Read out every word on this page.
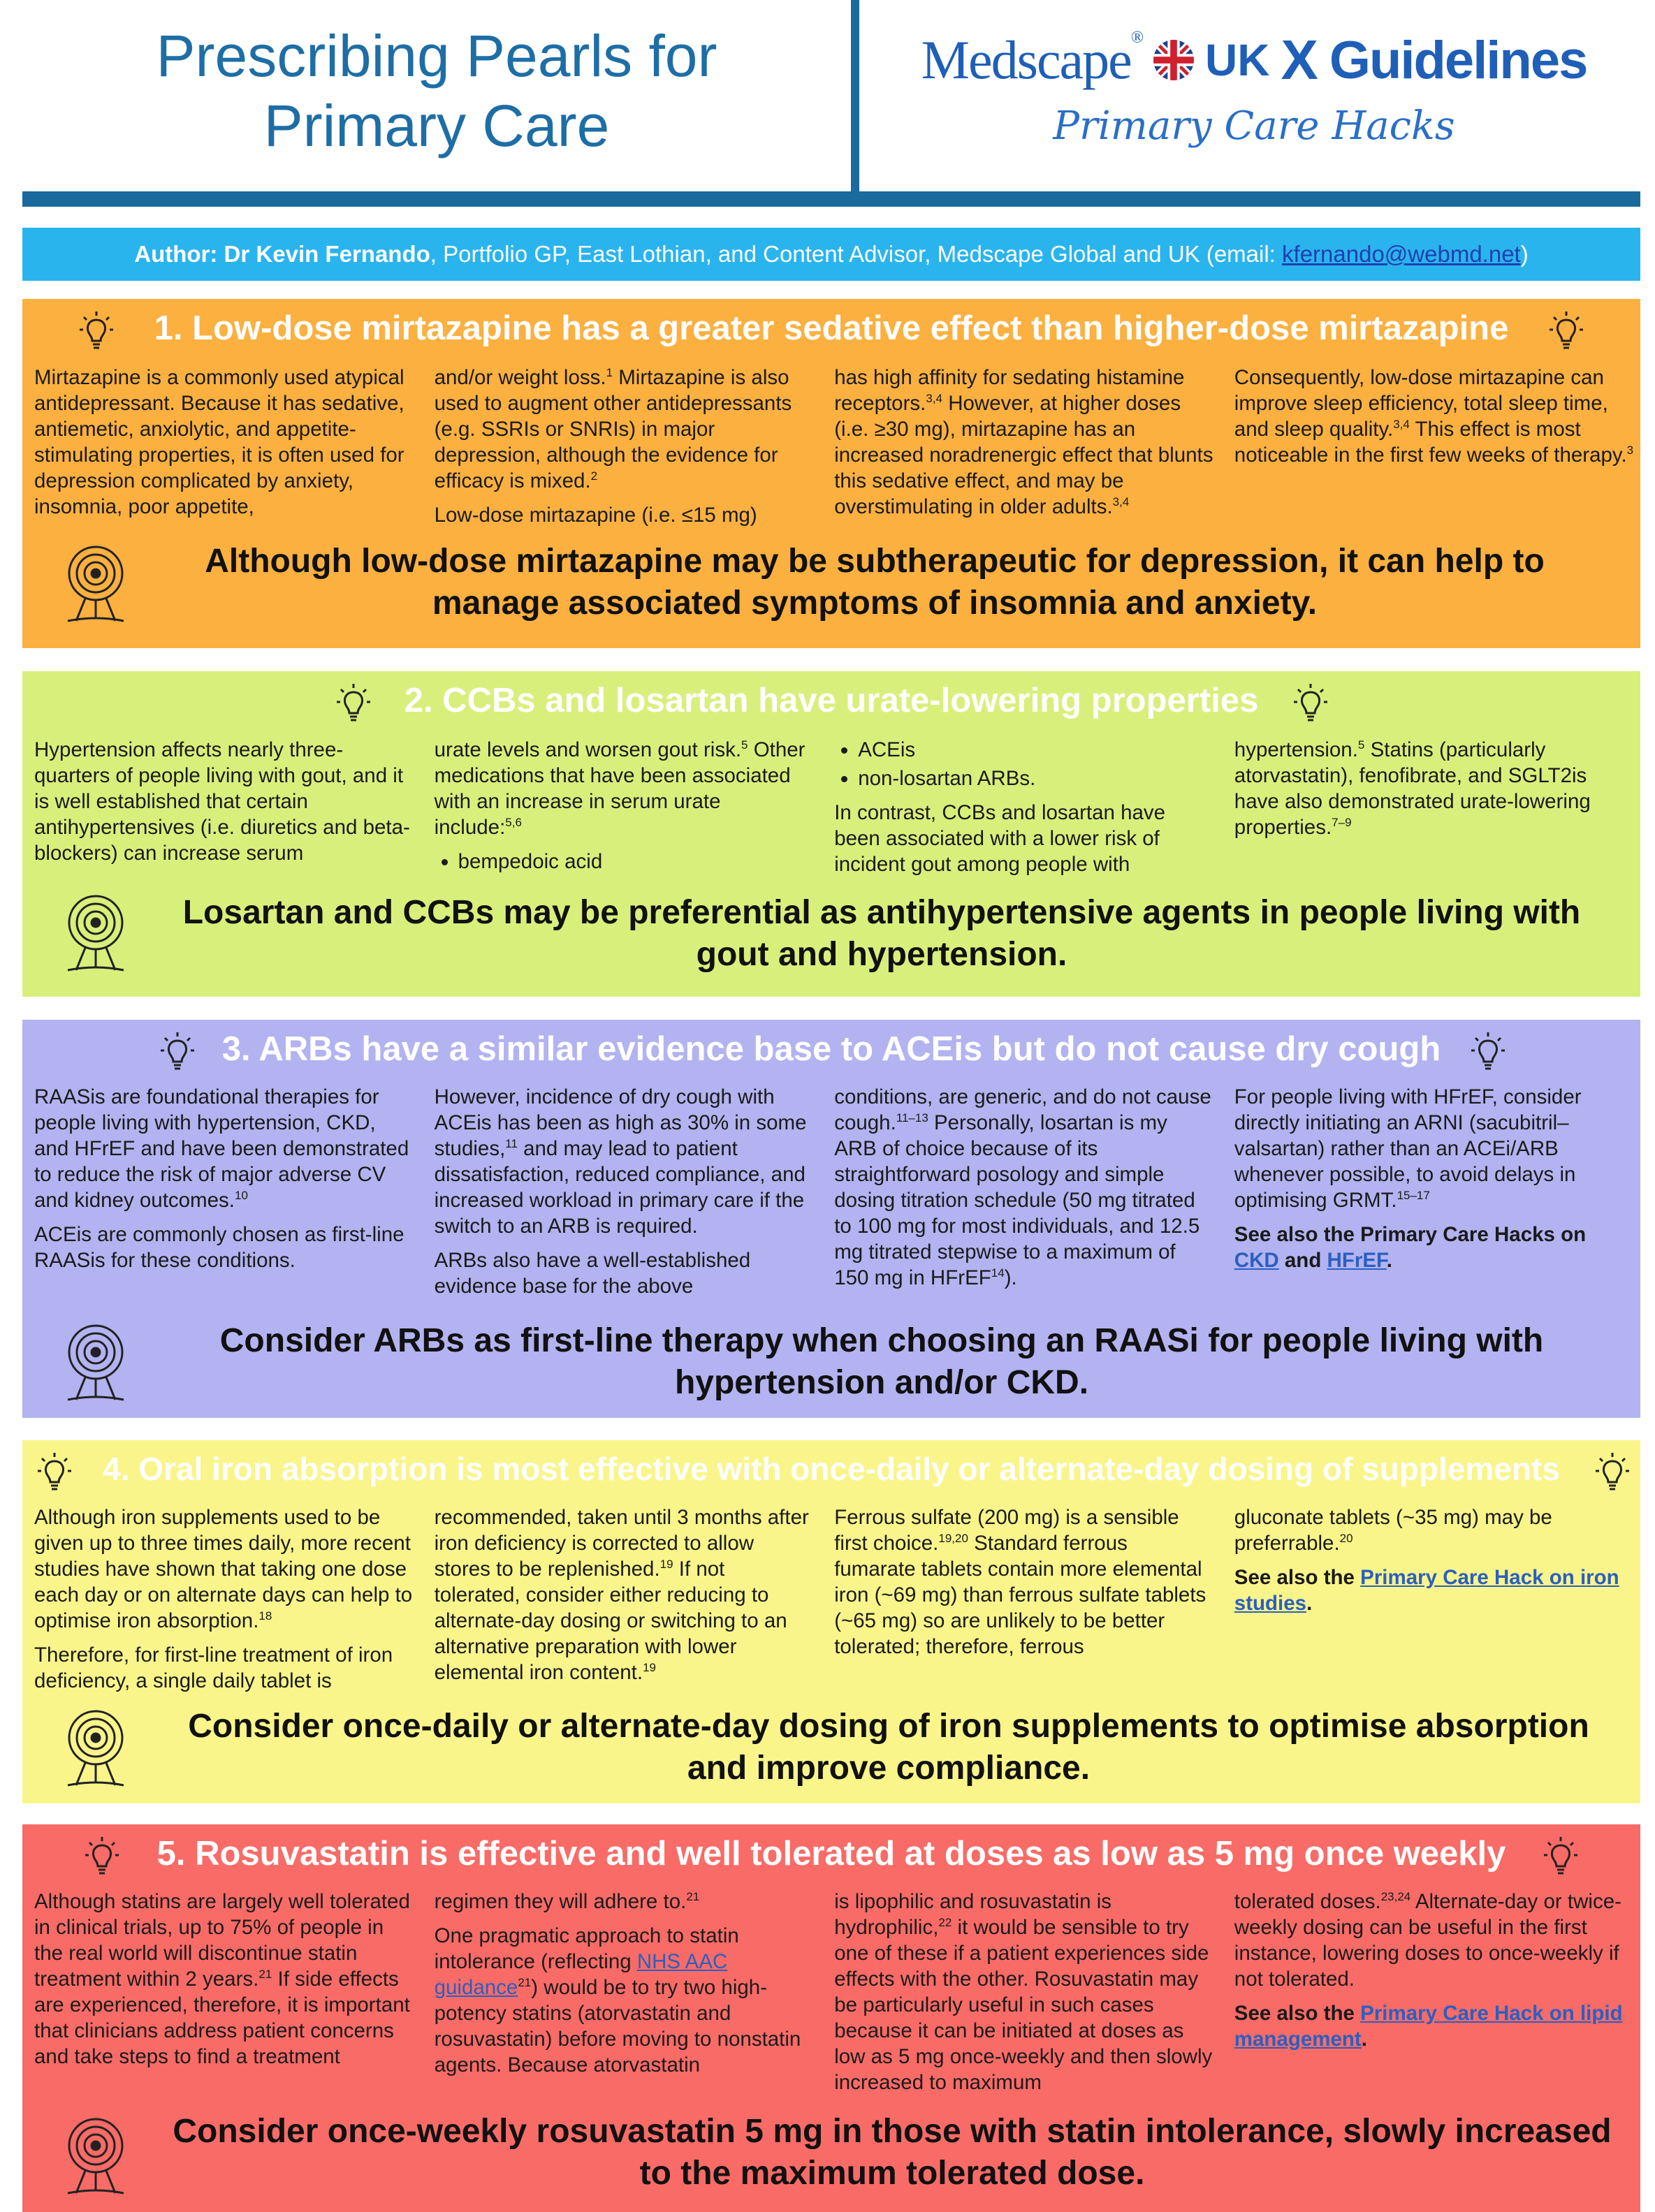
Prescribing Pearls for
Primary Care
Medscape® UK X Guidelines
Primary Care Hacks
Author: Dr Kevin Fernando , Portfolio GP, East Lothian, and Content Advisor, Medscape Global and UK (email: kfernando@webmd.net )
1. Low-dose mirtazapine has a greater sedative effect than higher-dose mirtazapine

Mirtazapine is a commonly used atypical antidepressant. Because it has sedative, antiemetic, anxiolytic, and appetite-stimulating properties, it is often used for depression complicated by anxiety, insomnia, poor appetite,

and/or weight loss.$^1$ Mirtazapine is also used to augment other antidepressants (e.g. SSRIs or SNRIs) in major depression, although the evidence for efficacy is mixed.$^2$

Low-dose mirtazapine (i.e. ≤15 mg)

has high affinity for sedating histamine receptors.$^{3,4}$ However, at higher doses (i.e. ≥30 mg), mirtazapine has an increased noradrenergic effect that blunts this sedative effect, and may be overstimulating in older adults.$^{3,4}$

Consequently, low-dose mirtazapine can improve sleep efficiency, total sleep time, and sleep quality.$^{3,4}$ This effect is most noticeable in the first few weeks of therapy.$^3$

Although low-dose mirtazapine may be subtherapeutic for depression, it can help to manage associated symptoms of insomnia and anxiety.
2. CCBs and losartan have urate-lowering properties

Hypertension affects nearly three-quarters of people living with gout, and it is well established that certain antihypertensives (i.e. diuretics and beta-blockers) can increase serum

urate levels and worsen gout risk.$^5$ Other medications that have been associated with an increase in serum urate include:$^{5,6}$

• bempedoic acid
• ACEis
• non-losartan ARBs.

In contrast, CCBs and losartan have been associated with a lower risk of incident gout among people with

hypertension.$^5$ Statins (particularly atorvastatin), fenofibrate, and SGLT2is have also demonstrated urate-lowering properties.$^{7-9}$

Losartan and CCBs may be preferential as antihypertensive agents in people living with gout and hypertension.
3. ARBs have a similar evidence base to ACEis but do not cause dry cough

RAASis are foundational therapies for people living with hypertension, CKD, and HFrEF and have been demonstrated to reduce the risk of major adverse CV and kidney outcomes.$^{10}$

ACEis are commonly chosen as first-line RAASis for these conditions.

However, incidence of dry cough with ACEis has been as high as 30% in some studies,$^{11}$ and may lead to patient dissatisfaction, reduced compliance, and increased workload in primary care if the switch to an ARB is required.

ARBs also have a well-established evidence base for the above

conditions, are generic, and do not cause cough.$^{11-13}$ Personally, losartan is my ARB of choice because of its straightforward posology and simple dosing titration schedule (50 mg titrated to 100 mg for most individuals, and 12.5 mg titrated stepwise to a maximum of 150 mg in HFrEF$^{14}$).

For people living with HFrEF, consider directly initiating an ARNI (sacubitril–valsartan) rather than an ACEi/ARB whenever possible, to avoid delays in optimising GRMT.$^{15-17}$

See also the Primary Care Hacks on CKD and HFrEF.

Consider ARBs as first-line therapy when choosing an RAASi for people living with hypertension and/or CKD.
4. Oral iron absorption is most effective with once-daily or alternate-day dosing of supplements

Although iron supplements used to be given up to three times daily, more recent studies have shown that taking one dose each day or on alternate days can help to optimise iron absorption.$^{18}$

Therefore, for first-line treatment of iron deficiency, a single daily tablet is

recommended, taken until 3 months after iron deficiency is corrected to allow stores to be replenished.$^{19}$ If not tolerated, consider either reducing to alternate-day dosing or switching to an alternative preparation with lower elemental iron content.$^{19}$

Ferrous sulfate (200 mg) is a sensible first choice.$^{19,20}$ Standard ferrous fumarate tablets contain more elemental iron (~69 mg) than ferrous sulfate tablets (~65 mg) so are unlikely to be better tolerated; therefore, ferrous

gluconate tablets (~35 mg) may be preferrable.$^{20}$

See also the Primary Care Hack on iron studies.

Consider once-daily or alternate-day dosing of iron supplements to optimise absorption and improve compliance.
5. Rosuvastatin is effective and well tolerated at doses as low as 5 mg once weekly

Although statins are largely well tolerated in clinical trials, up to 75% of people in the real world will discontinue statin treatment within 2 years.$^{21}$ If side effects are experienced, therefore, it is important that clinicians address patient concerns and take steps to find a treatment

regimen they will adhere to.$^{21}$

One pragmatic approach to statin intolerance (reflecting NHS AAC guidance$^{21}$) would be to try two high-potency statins (atorvastatin and rosuvastatin) before moving to nonstatin agents. Because atorvastatin

is lipophilic and rosuvastatin is hydrophilic,$^{22}$ it would be sensible to try one of these if a patient experiences side effects with the other. Rosuvastatin may be particularly useful in such cases because it can be initiated at doses as low as 5 mg once-weekly and then slowly increased to maximum

tolerated doses.$^{23,24}$ Alternate-day or twice-weekly dosing can be useful in the first instance, lowering doses to once-weekly if not tolerated.

See also the Primary Care Hack on lipid management.

Consider once-weekly rosuvastatin 5 mg in those with statin intolerance, slowly increased to the maximum tolerated dose.
